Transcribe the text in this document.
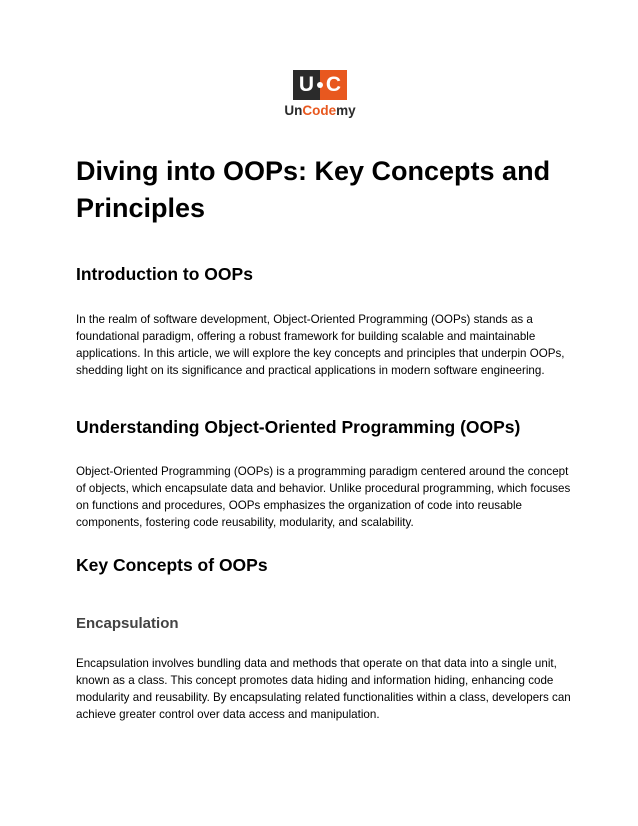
U C
UnCodemy
Diving into OOPs: Key Concepts and Principles
Introduction to OOPs

In the realm of software development, Object-Oriented Programming (OOPs) stands as a foundational paradigm, offering a robust framework for building scalable and maintainable applications. In this article, we will explore the key concepts and principles that underpin OOPs, shedding light on its significance and practical applications in modern software engineering.

Understanding Object-Oriented Programming (OOPs)

Object-Oriented Programming (OOPs) is a programming paradigm centered around the concept of objects, which encapsulate data and behavior. Unlike procedural programming, which focuses on functions and procedures, OOPs emphasizes the organization of code into reusable components, fostering code reusability, modularity, and scalability.

Key Concepts of OOPs
Encapsulation

Encapsulation involves bundling data and methods that operate on that data into a single unit, known as a class. This concept promotes data hiding and information hiding, enhancing code modularity and reusability. By encapsulating related functionalities within a class, developers can achieve greater control over data access and manipulation.
